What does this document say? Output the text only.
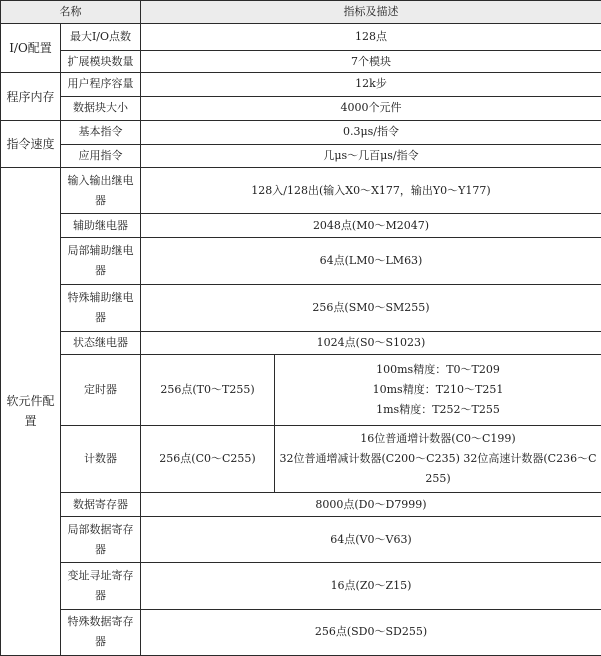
名称		指标及描述	
I/O配置	最大I/O点数	128点	
	扩展模块数量	7个模块	
程序内存	用户程序容量	12k步	
	数据块大小	4000个元件	
指令速度	基本指令	0.3μs/指令	
	应用指令	几μs～几百μs/指令	
软元件配置	输入输出继电器	128入/128出(输入X0～X177，输出Y0～Y177)	
	辅助继电器	2048点(M0～M2047)	
	局部辅助继电器	64点(LM0～LM63)	
	特殊辅助继电器	256点(SM0～SM255)	
	状态继电器	1024点(S0～S1023)	
	定时器	256点(T0～T255)	100ms精度：T0～T209
10ms精度：T210～T251
1ms精度：T252～T255

	计数器	256点(C0～C255)	16位普通增计数器(C0～C199)
32位普通增减计数器(C200～C235) 32位高速计数器(C236～C255)

	数据寄存器	8000点(D0～D7999)	
	局部数据寄存器	64点(V0～V63)	
	变址寻址寄存器	16点(Z0～Z15)	
	特殊数据寄存器	256点(SD0～SD255)	
